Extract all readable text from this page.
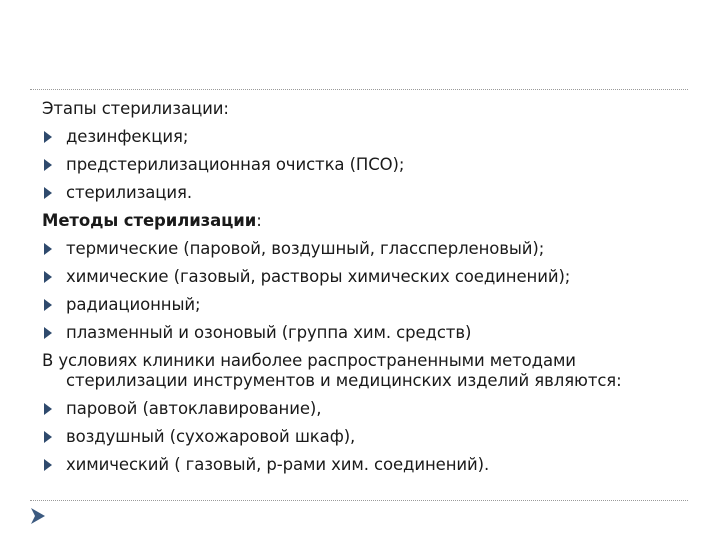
Этапы стерилизации:
дезинфекция;
предстерилизационная очистка (ПСО);
стерилизация.
Методы стерилизации:
термические (паровой, воздушный, гласcперленовый);
химические (газовый, растворы химических соединений);
радиационный;
плазменный и озоновый (группа хим. средств)
В условиях клиники наиболее распространенными методами
стерилизации инструментов и медицинских изделий являются:
паровой (автоклавирование),
воздушный (сухожаровой шкаф),
химический ( газовый, р-рами хим. соединений).
